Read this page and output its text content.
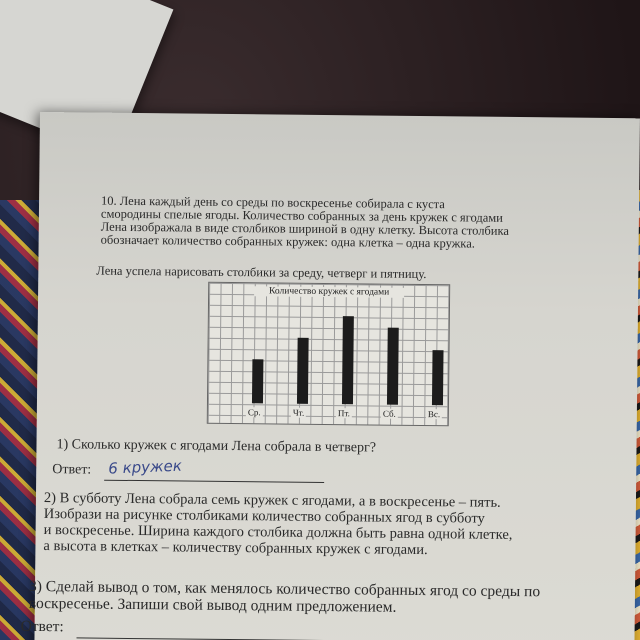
10. Лена каждый день со среды по воскресенье собирала с куста
смородины спелые ягоды. Количество собранных за день кружек с ягодами
Лена изображала в виде столбиков шириной в одну клетку. Высота столбика
обозначает количество собранных кружек: одна клетка – одна кружка.
Лена успела нарисовать столбики за среду, четверг и пятницу.
Количество кружек с ягодами
Ср.	Чт.	Пт.	Сб.	Вс.
1) Сколько кружек с ягодами Лена собрала в четверг?
Ответ: 6 кружек
2) В субботу Лена собрала семь кружек с ягодами, а в воскресенье – пять.
Изобрази на рисунке столбиками количество собранных ягод в субботу
и воскресенье. Ширина каждого столбика должна быть равна одной клетке,
а высота в клетках – количеству собранных кружек с ягодами.
3) Сделай вывод о том, как менялось количество собранных ягод со среды по
воскресенье. Запиши свой вывод одним предложением.
Ответ:
